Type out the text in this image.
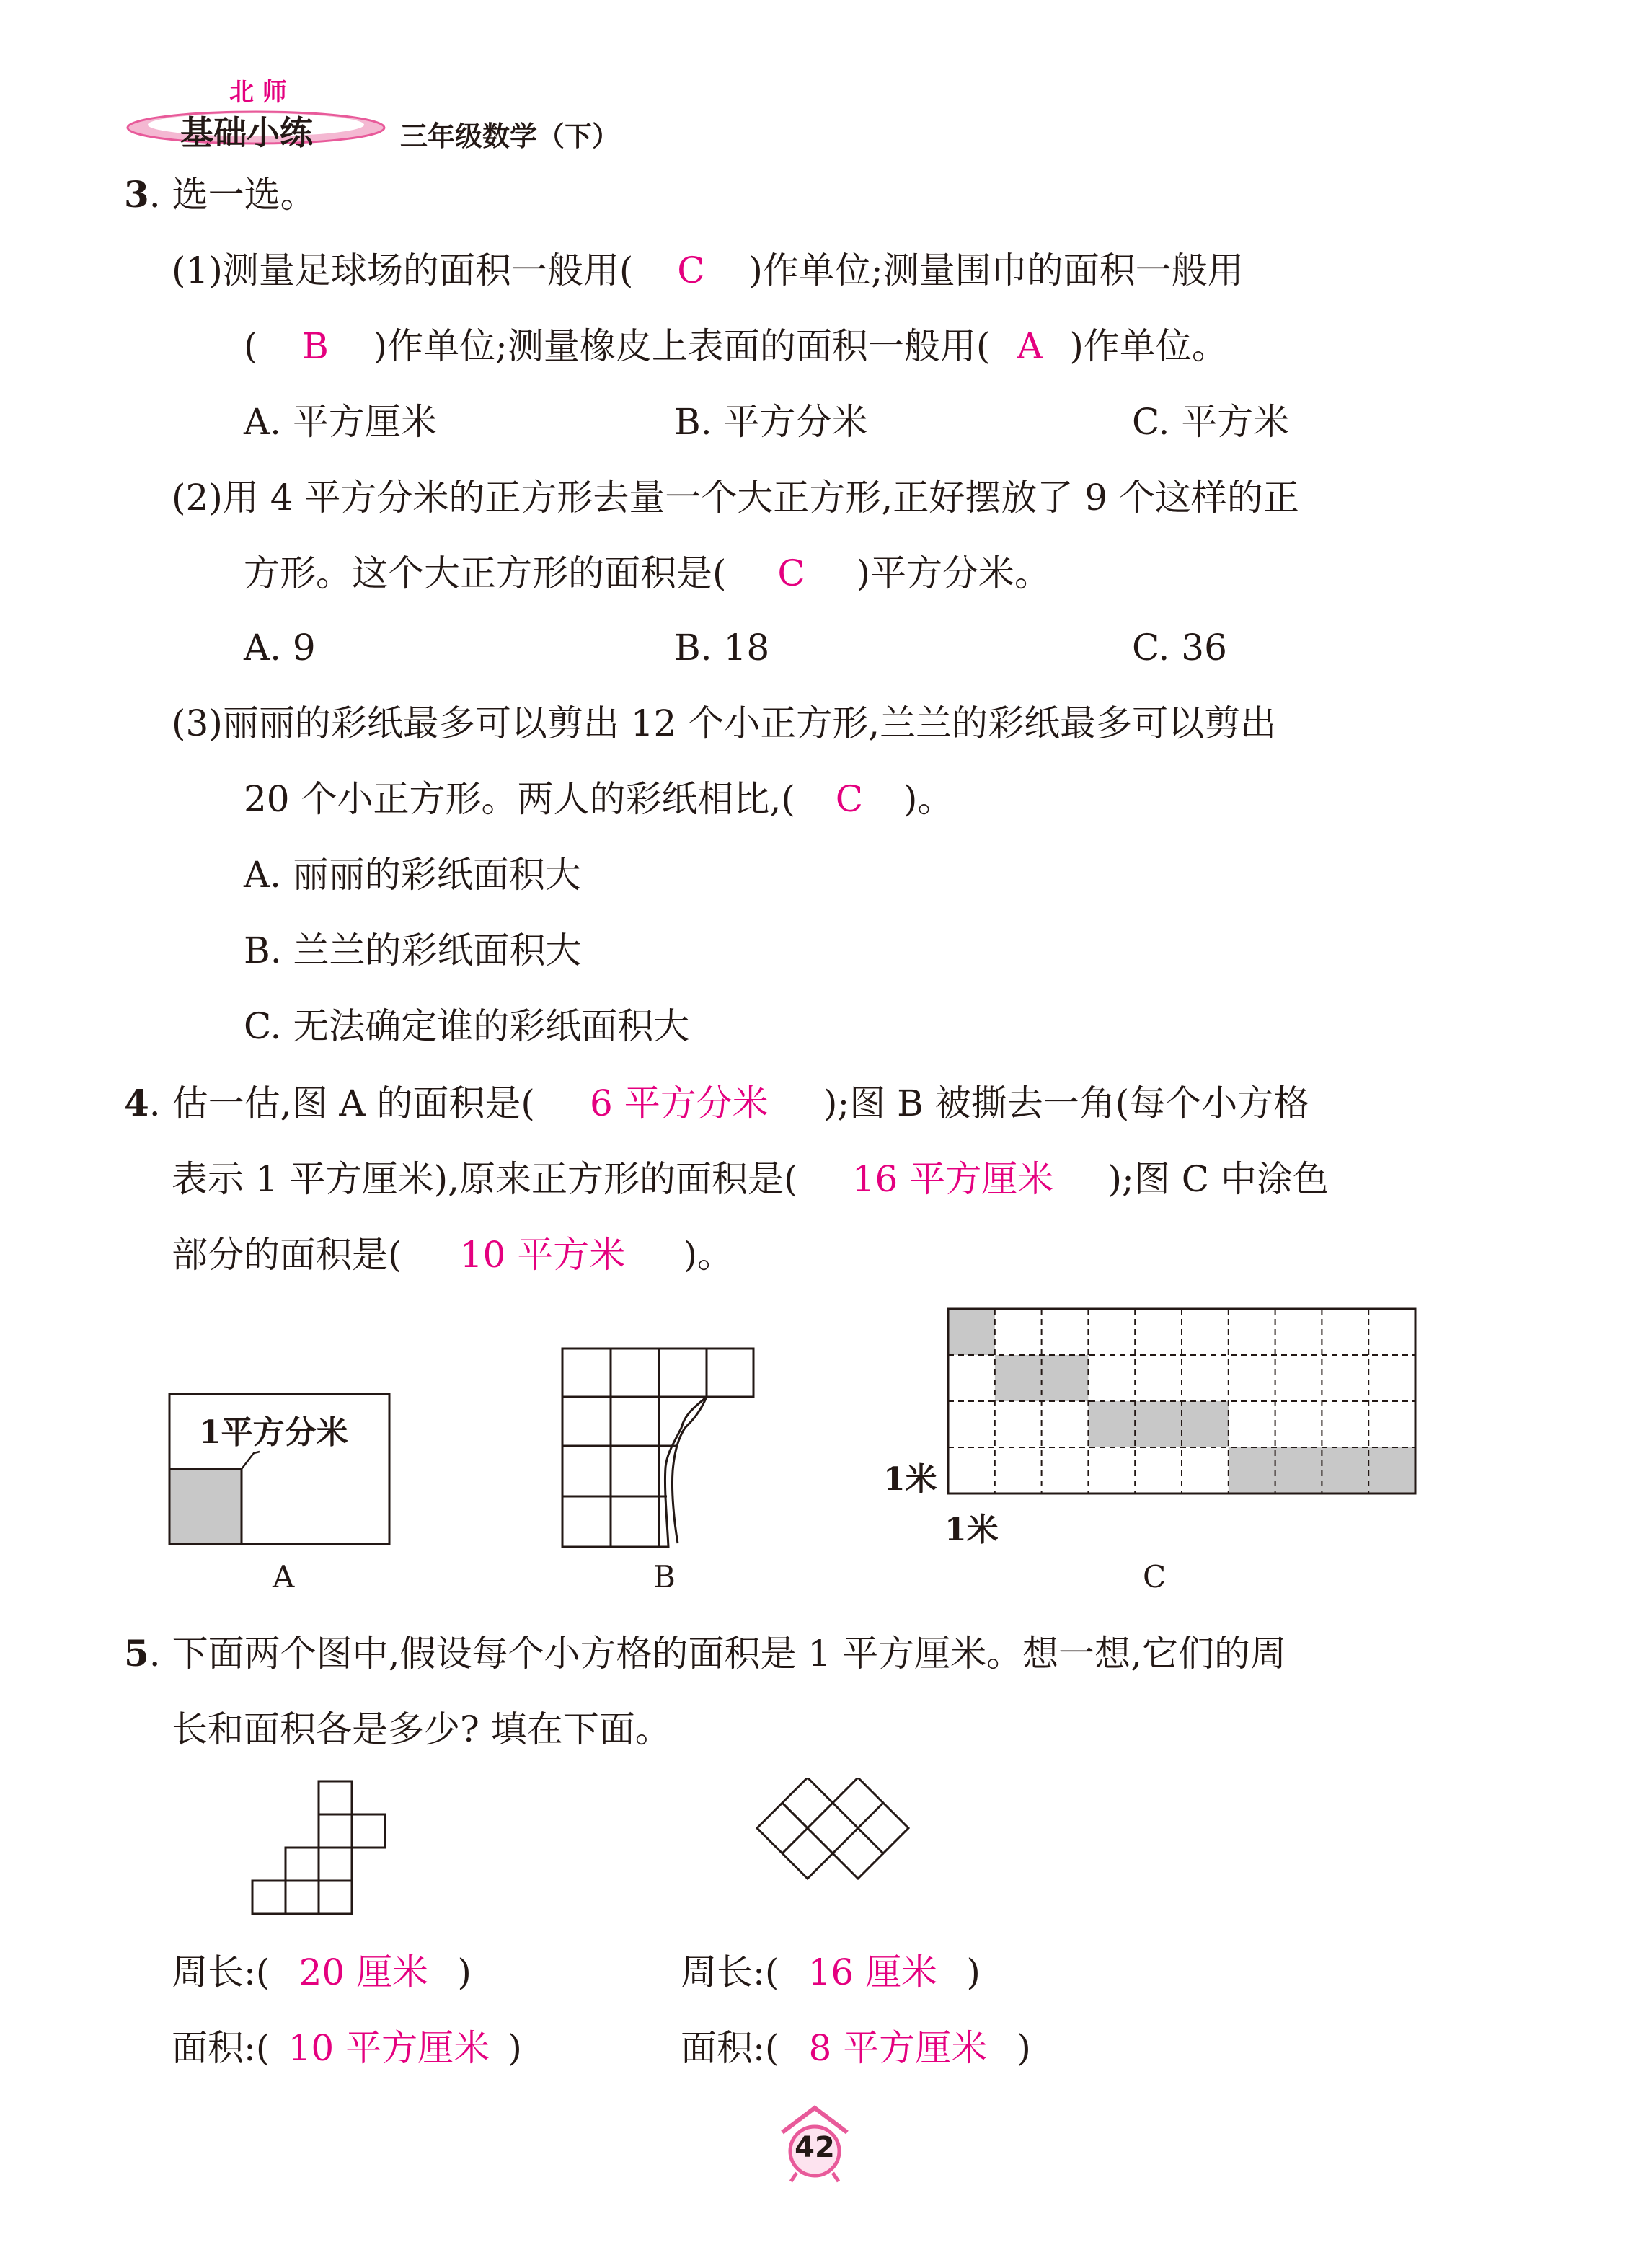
北 师
基础小练	三年级数学（下）
3. 选一选。
(1)测量足球场的面积一般用( C )作单位;测量围巾的面积一般用
( B )作单位;测量橡皮上表面的面积一般用( A )作单位。
A. 平方厘米	B. 平方分米	C. 平方米
(2)用 4 平方分米的正方形去量一个大正方形,正好摆放了 9 个这样的正
方形。这个大正方形的面积是( C )平方分米。
A. 9	B. 18	C. 36
(3)丽丽的彩纸最多可以剪出 12 个小正方形,兰兰的彩纸最多可以剪出
20 个小正方形。两人的彩纸相比,( C )。
A. 丽丽的彩纸面积大
B. 兰兰的彩纸面积大
C. 无法确定谁的彩纸面积大
4. 估一估,图 A 的面积是( 6 平方分米 );图 B 被撕去一角(每个小方格
表示 1 平方厘米),原来正方形的面积是( 16 平方厘米 );图 C 中涂色
部分的面积是( 10 平方米 )。
1平方分米
A	B
1米
1米
C
5. 下面两个图中,假设每个小方格的面积是 1 平方厘米。想一想,它们的周
长和面积各是多少? 填在下面。
周长:( 20 厘米 )
面积:( 10 平方厘米 )
周长:( 16 厘米 )
面积:( 8 平方厘米 )
42
